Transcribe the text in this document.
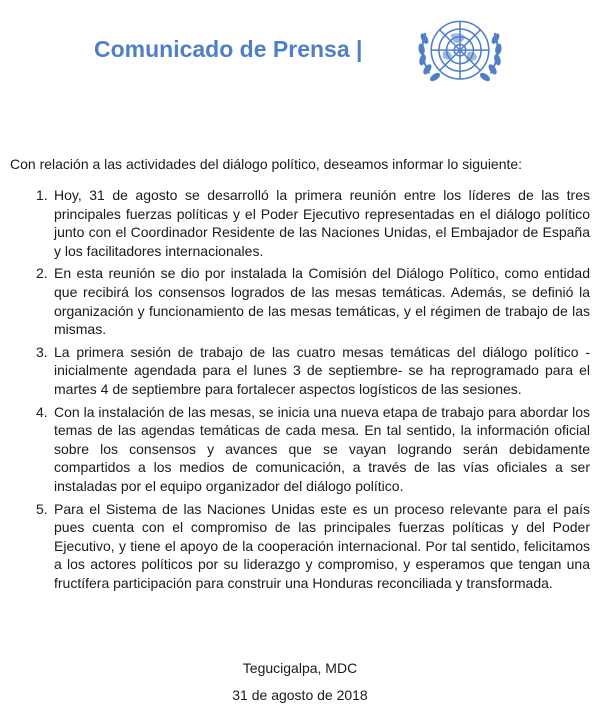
Comunicado de Prensa |
Con relación a las actividades del diálogo político, deseamos informar lo siguiente:
1. Hoy, 31 de agosto se desarrolló la primera reunión entre los líderes de las tres principales fuerzas políticas y el Poder Ejecutivo representadas en el diálogo político junto con el Coordinador Residente de las Naciones Unidas, el Embajador de España y los facilitadores internacionales.
2. En esta reunión se dio por instalada la Comisión del Diálogo Político, como entidad que recibirá los consensos logrados de las mesas temáticas. Además, se definió la organización y funcionamiento de las mesas temáticas, y el régimen de trabajo de las mismas.
3. La primera sesión de trabajo de las cuatro mesas temáticas del diálogo político - inicialmente agendada para el lunes 3 de septiembre- se ha reprogramado para el martes 4 de septiembre para fortalecer aspectos logísticos de las sesiones.
4. Con la instalación de las mesas, se inicia una nueva etapa de trabajo para abordar los temas de las agendas temáticas de cada mesa. En tal sentido, la información oficial sobre los consensos y avances que se vayan logrando serán debidamente compartidos a los medios de comunicación, a través de las vías oficiales a ser instaladas por el equipo organizador del diálogo político.
5. Para el Sistema de las Naciones Unidas este es un proceso relevante para el país pues cuenta con el compromiso de las principales fuerzas políticas y del Poder Ejecutivo, y tiene el apoyo de la cooperación internacional. Por tal sentido, felicitamos a los actores políticos por su liderazgo y compromiso, y esperamos que tengan una fructífera participación para construir una Honduras reconciliada y transformada.
Tegucigalpa, MDC
31 de agosto de 2018
